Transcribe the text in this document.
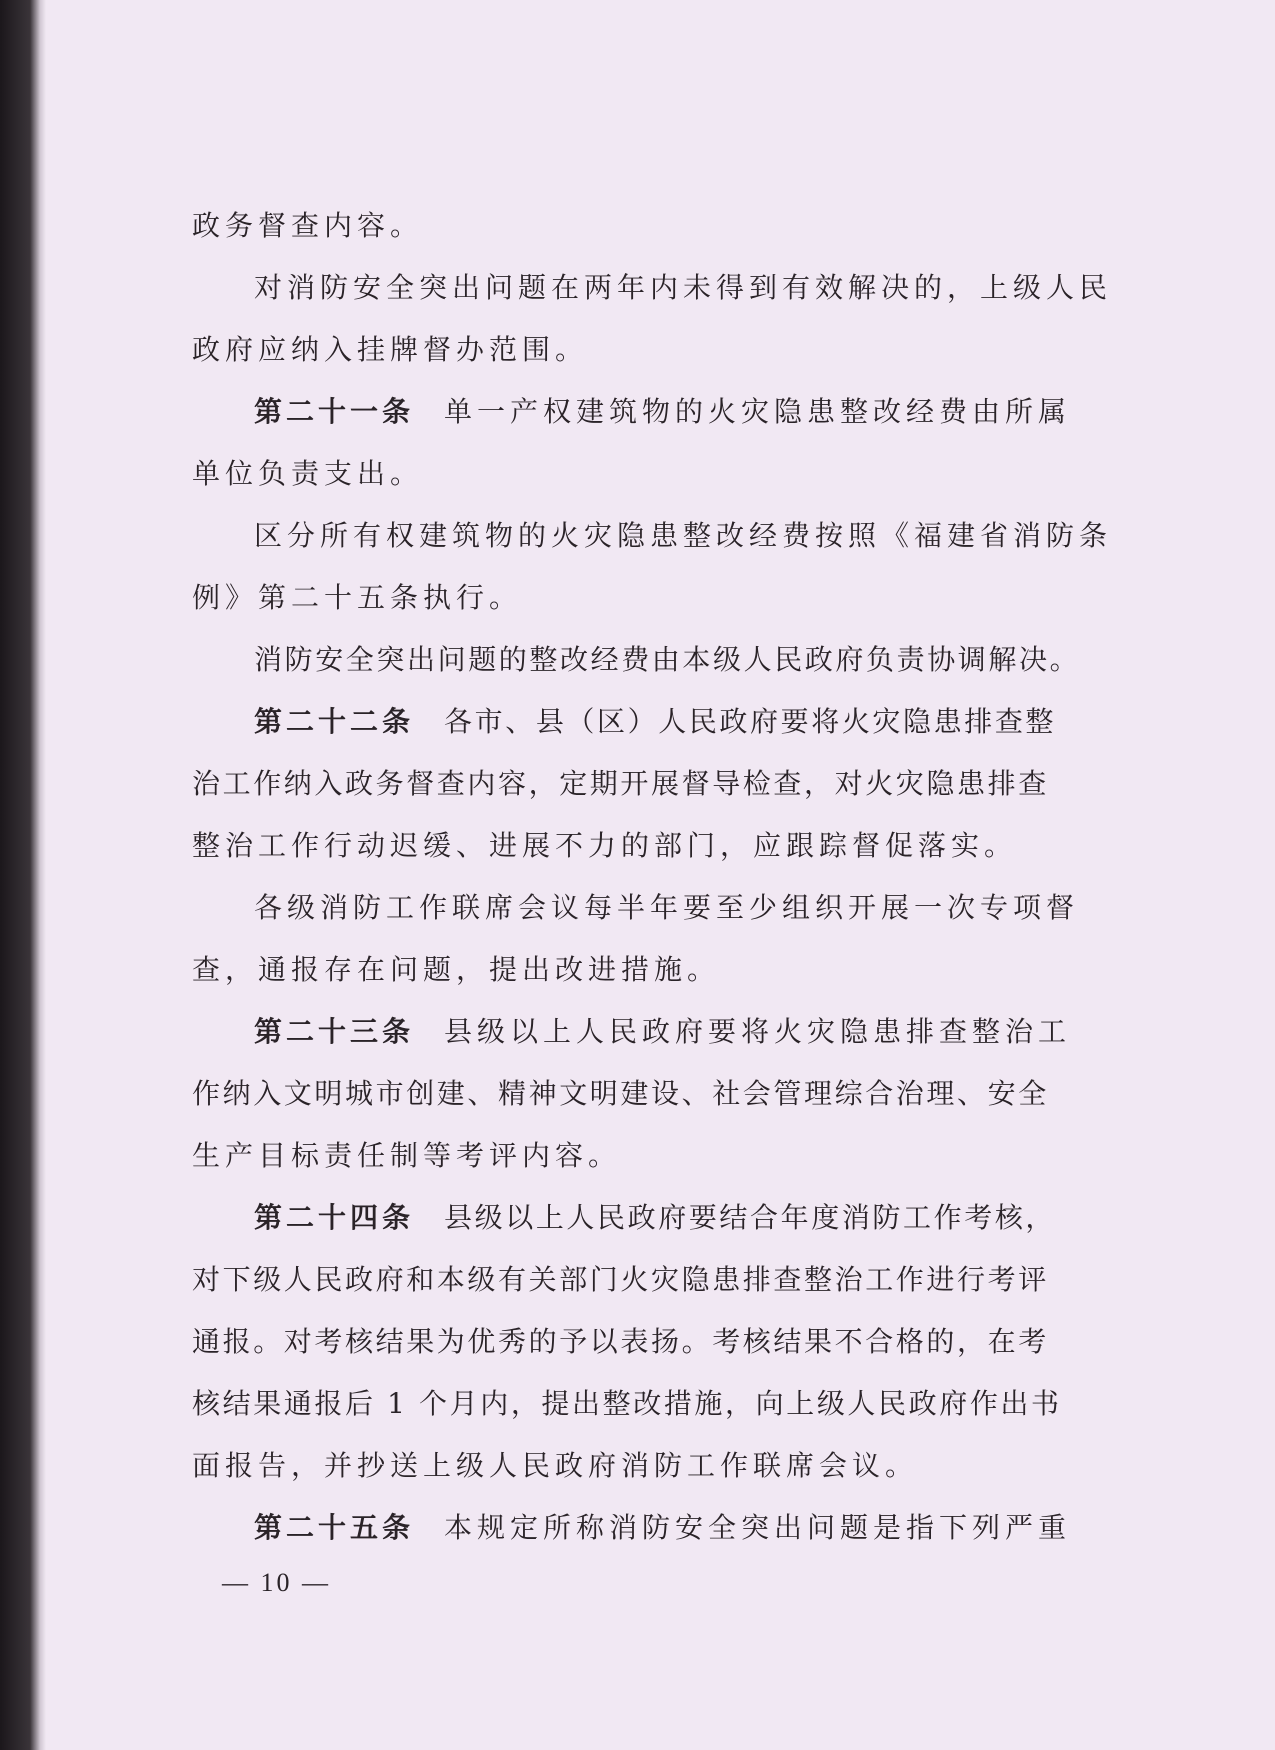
政务督查内容。
对消防安全突出问题在两年内未得到有效解决的，上级人民
政府应纳入挂牌督办范围。
第二十一条 单一产权建筑物的火灾隐患整改经费由所属
单位负责支出。
区分所有权建筑物的火灾隐患整改经费按照《福建省消防条
例》第二十五条执行。
消防安全突出问题的整改经费由本级人民政府负责协调解决。
第二十二条 各市、县（区）人民政府要将火灾隐患排查整
治工作纳入政务督查内容，定期开展督导检查，对火灾隐患排查
整治工作行动迟缓、进展不力的部门，应跟踪督促落实。
各级消防工作联席会议每半年要至少组织开展一次专项督
查，通报存在问题，提出改进措施。
第二十三条 县级以上人民政府要将火灾隐患排查整治工
作纳入文明城市创建、精神文明建设、社会管理综合治理、安全
生产目标责任制等考评内容。
第二十四条 县级以上人民政府要结合年度消防工作考核，
对下级人民政府和本级有关部门火灾隐患排查整治工作进行考评
通报。对考核结果为优秀的予以表扬。考核结果不合格的，在考
核结果通报后 1 个月内，提出整改措施，向上级人民政府作出书
面报告，并抄送上级人民政府消防工作联席会议。
第二十五条 本规定所称消防安全突出问题是指下列严重
— 10 —
